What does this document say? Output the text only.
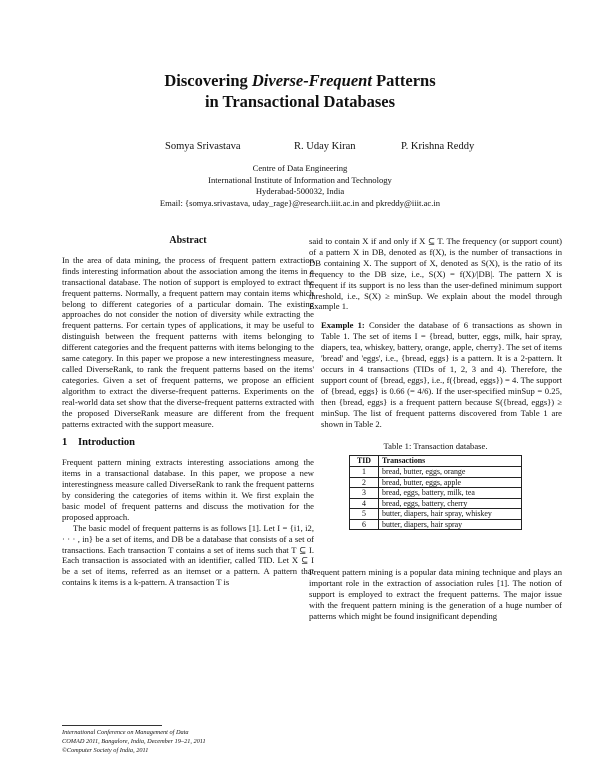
Discovering Diverse-Frequent Patterns
in Transactional Databases
Somya Srivastava	R. Uday Kiran	P. Krishna Reddy
Centre of Data Engineering
International Institute of Information and Technology
Hyderabad-500032, India
Email: {somya.srivastava, uday_rage}@research.iiit.ac.in and pkreddy@iiit.ac.in
Abstract

In the area of data mining, the process of frequent pattern extraction finds interesting information about the association among the items in a transactional database. The notion of support is employed to extract the frequent patterns. Normally, a frequent pattern may contain items which belong to different categories of a particular domain. The existing approaches do not consider the notion of diversity while extracting the frequent patterns. For certain types of applications, it may be useful to distinguish between the frequent patterns with items belonging to different categories and the frequent patterns with items belonging to the same category. In this paper we propose a new interestingness measure, called DiverseRank, to rank the frequent patterns based on the items' categories. Given a set of frequent patterns, we propose an efficient algorithm to extract the diverse-frequent patterns. Experiments on the real-world data set show that the diverse-frequent patterns extracted with the proposed DiverseRank measure are different from the frequent patterns extracted with the support measure.

1 Introduction

Frequent pattern mining extracts interesting associations among the items in a transactional database. In this paper, we propose a new interestingness measure called DiverseRank to rank the frequent patterns by considering the categories of items within it. We first explain the basic model of frequent patterns and discuss the motivation for the proposed approach.

The basic model of frequent patterns is as follows [1]. Let I = {i1, i2, · · · , in} be a set of items, and DB be a database that consists of a set of transactions. Each transaction T contains a set of items such that T ⊆ I. Each transaction is associated with an identifier, called TID. Let X ⊆ I be a set of items, referred as an itemset or a pattern. A pattern that contains k items is a k-pattern. A transaction T is

said to contain X if and only if X ⊆ T. The frequency (or support count) of a pattern X in DB, denoted as f(X), is the number of transactions in DB containing X. The support of X, denoted as S(X), is the ratio of its frequency to the DB size, i.e., S(X) = f(X)/|DB|. The pattern X is frequent if its support is no less than the user-defined minimum support threshold, i.e., S(X) ≥ minSup. We explain about the model through Example 1.

Example 1: Consider the database of 6 transactions as shown in Table 1. The set of items I = {bread, butter, eggs, milk, hair spray, diapers, tea, whiskey, battery, orange, apple, cherry}. The set of items 'bread' and 'eggs', i.e., {bread, eggs} is a pattern. It is a 2-pattern. It occurs in 4 transactions (TIDs of 1, 2, 3 and 4). Therefore, the support count of {bread, eggs}, i.e., f({bread, eggs}) = 4. The support of {bread, eggs} is 0.66 (= 4/6). If the user-specified minSup = 0.25, then {bread, eggs} is a frequent pattern because S({bread, eggs}) ≥ minSup. The list of frequent patterns discovered from Table 1 are shown in Table 2.

Table 1: Transaction database.
TID	Transactions
1	bread, butter, eggs, orange
2	bread, butter, eggs, apple
3	bread, eggs, battery, milk, tea
4	bread, eggs, battery, cherry
5	butter, diapers, hair spray, whiskey
6	butter, diapers, hair spray

Frequent pattern mining is a popular data mining technique and plays an important role in the extraction of association rules [1]. The notion of support is employed to extract the frequent patterns. The major issue with the frequent pattern mining is the generation of a huge number of patterns which might be found insignificant depending

International Conference on Management of Data
COMAD 2011, Bangalore, India, December 19–21, 2011
©Computer Society of India, 2011
